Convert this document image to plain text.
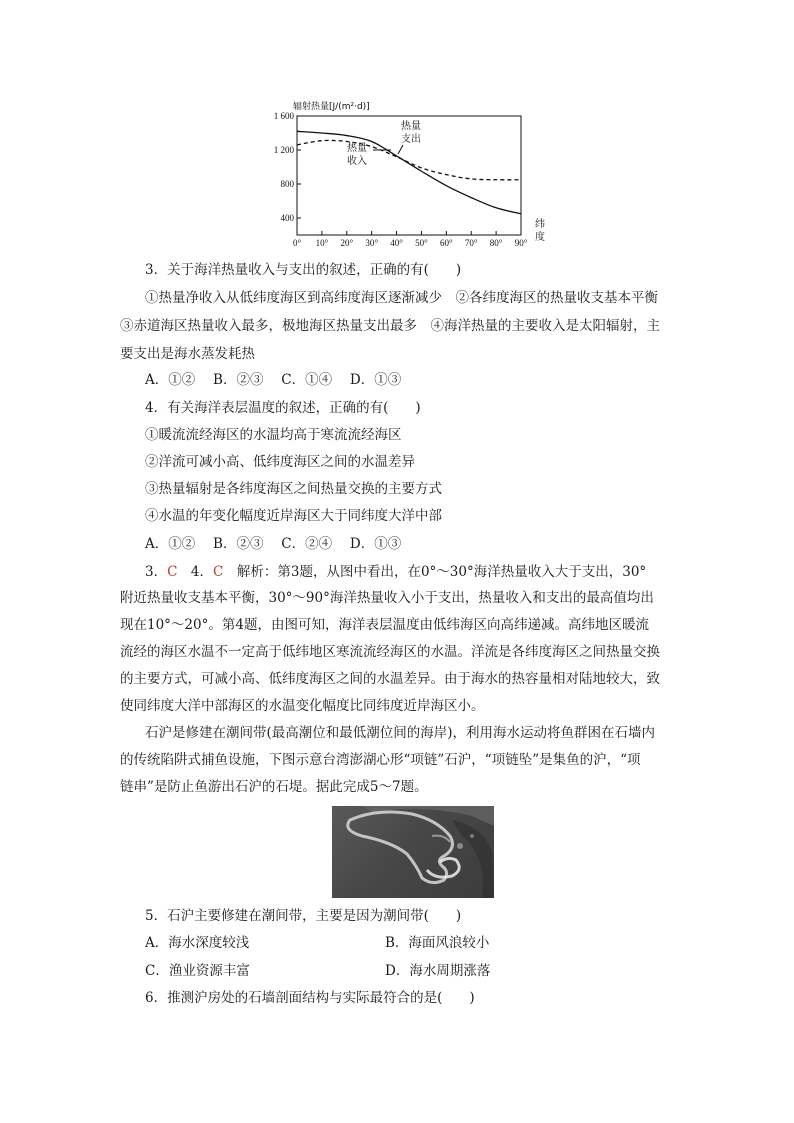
辐射热量[J/(m²·d)]
400
800
1 200
1 600
0° 10° 20° 30° 40° 50° 60° 70° 80° 90°
热量
支出
热量
收入
纬
度
3．关于海洋热量收入与支出的叙述，正确的有(　　)
①热量净收入从低纬度海区到高纬度海区逐渐减少　②各纬度海区的热量收支基本平衡
③赤道海区热量收入最多，极地海区热量支出最多　④海洋热量的主要收入是太阳辐射，主
要支出是海水蒸发耗热
A．①②　 B．②③　 C．①④　 D．①③
4．有关海洋表层温度的叙述，正确的有(　　)
①暖流流经海区的水温均高于寒流流经海区
②洋流可减小高、低纬度海区之间的水温差异
③热量辐射是各纬度海区之间热量交换的主要方式
④水温的年变化幅度近岸海区大于同纬度大洋中部
A．①②　 B．②③　 C．②④　 D．①③
3．C　4．C　解析：第3题，从图中看出，在0°～30°海洋热量收入大于支出，30°
附近热量收支基本平衡，30°～90°海洋热量收入小于支出，热量收入和支出的最高值均出
现在10°～20°。第4题，由图可知，海洋表层温度由低纬海区向高纬递减。高纬地区暖流
流经的海区水温不一定高于低纬地区寒流流经海区的水温。洋流是各纬度海区之间热量交换
的主要方式，可减小高、低纬度海区之间的水温差异。由于海水的热容量相对陆地较大，致
使同纬度大洋中部海区的水温变化幅度比同纬度近岸海区小。
石沪是修建在潮间带(最高潮位和最低潮位间的海岸)，利用海水运动将鱼群困在石墙内
的传统陷阱式捕鱼设施，下图示意台湾澎湖心形“项链”石沪，“项链坠”是集鱼的沪，“项
链串”是防止鱼游出石沪的石堤。据此完成5～7题。
5．石沪主要修建在潮间带，主要是因为潮间带(　　)
A．海水深度较浅	B．海面风浪较小
C．渔业资源丰富	D．海水周期涨落
6．推测沪房处的石墙剖面结构与实际最符合的是(　　)
